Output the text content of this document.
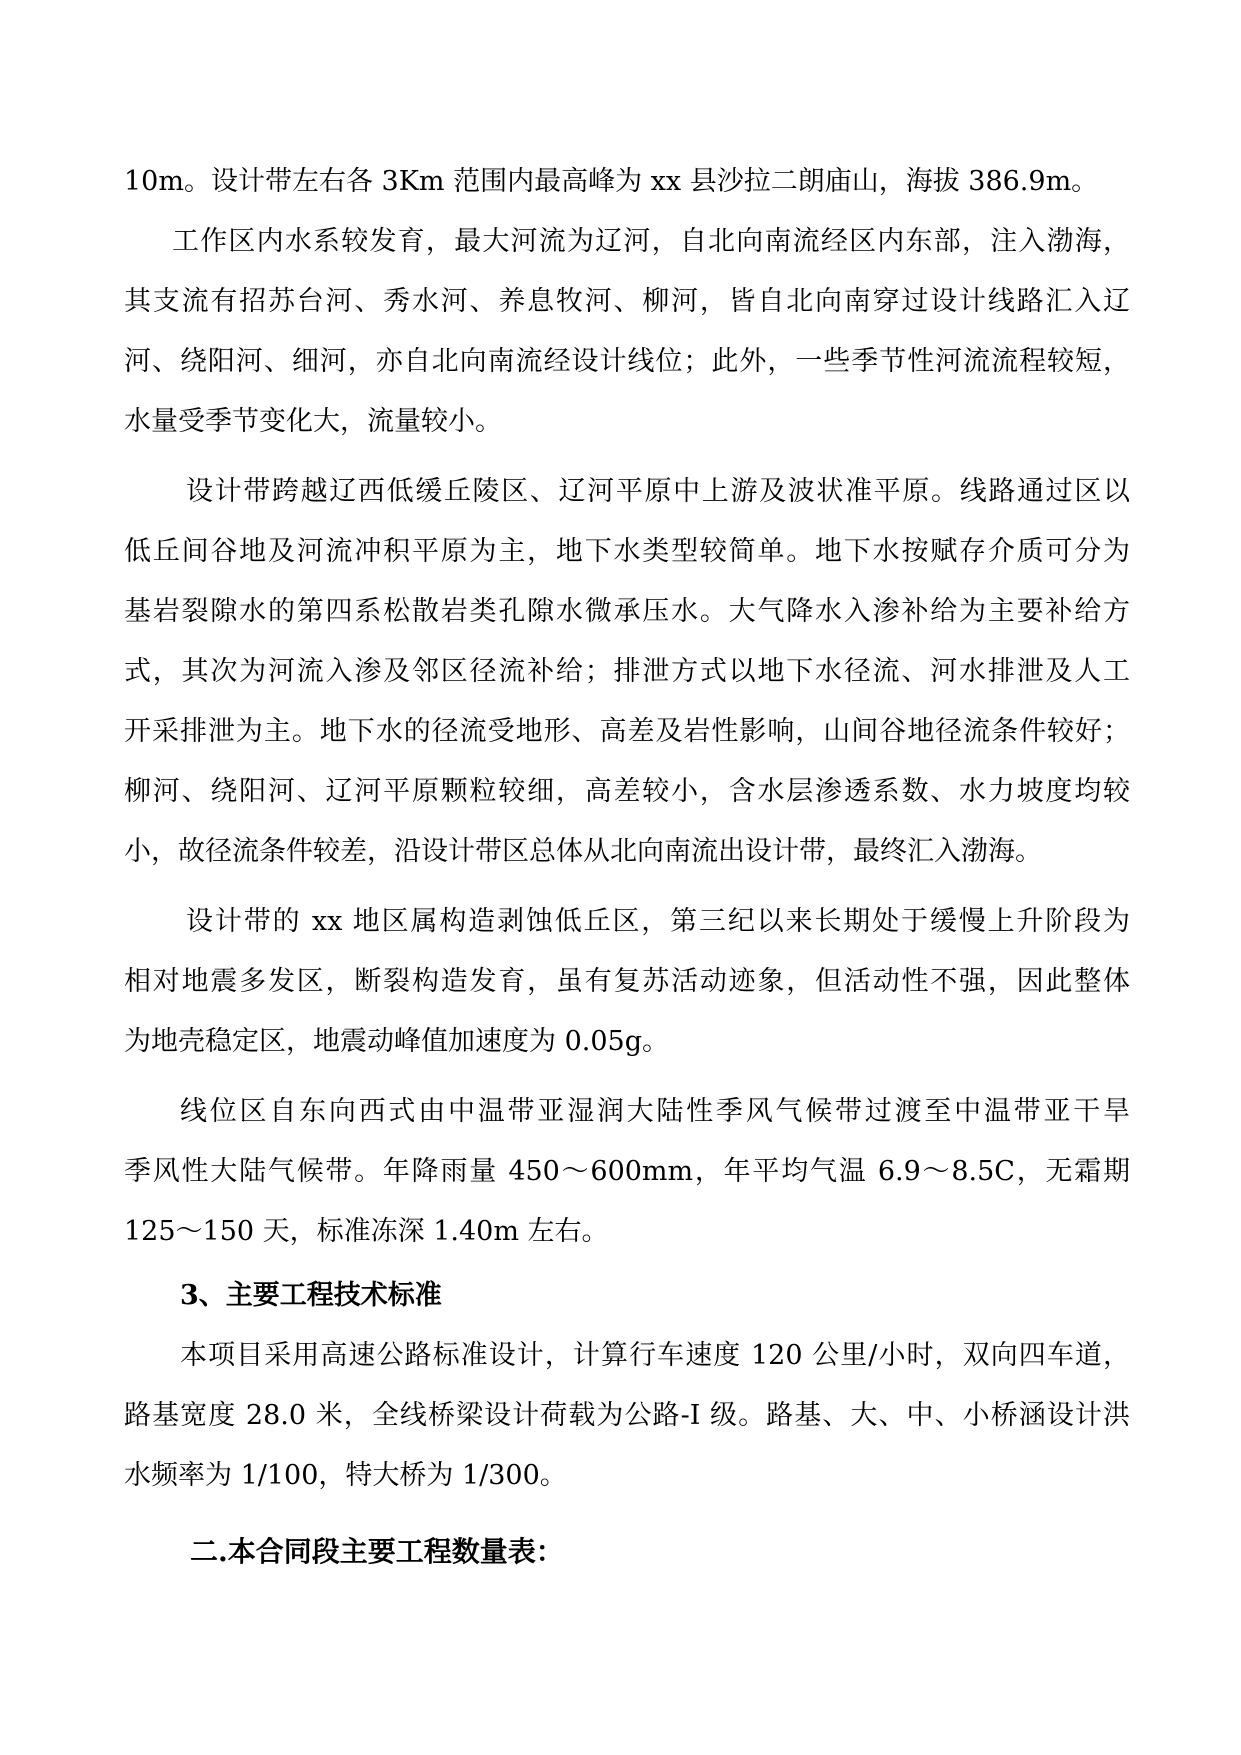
10m。设计带左右各 3Km 范围内最高峰为 xx 县沙拉二朗庙山，海拔 386.9m。
工作区内水系较发育，最大河流为辽河，自北向南流经区内东部，注入渤海，
其支流有招苏台河、秀水河、养息牧河、柳河，皆自北向南穿过设计线路汇入辽
河、绕阳河、细河，亦自北向南流经设计线位；此外，一些季节性河流流程较短，
水量受季节变化大，流量较小。
设计带跨越辽西低缓丘陵区、辽河平原中上游及波状准平原。线路通过区以
低丘间谷地及河流冲积平原为主，地下水类型较简单。地下水按赋存介质可分为
基岩裂隙水的第四系松散岩类孔隙水微承压水。大气降水入渗补给为主要补给方
式，其次为河流入渗及邻区径流补给；排泄方式以地下水径流、河水排泄及人工
开采排泄为主。地下水的径流受地形、高差及岩性影响，山间谷地径流条件较好；
柳河、绕阳河、辽河平原颗粒较细，高差较小，含水层渗透系数、水力坡度均较
小，故径流条件较差，沿设计带区总体从北向南流出设计带，最终汇入渤海。
设计带的 xx 地区属构造剥蚀低丘区，第三纪以来长期处于缓慢上升阶段为
相对地震多发区，断裂构造发育，虽有复苏活动迹象，但活动性不强，因此整体
为地壳稳定区，地震动峰值加速度为 0.05g。
线位区自东向西式由中温带亚湿润大陆性季风气候带过渡至中温带亚干旱
季风性大陆气候带。年降雨量 450～600mm，年平均气温 6.9～8.5C，无霜期
125～150 天，标准冻深 1.40m 左右。
3、主要工程技术标准
本项目采用高速公路标准设计，计算行车速度 120 公里/小时，双向四车道，
路基宽度 28.0 米，全线桥梁设计荷载为公路-I 级。路基、大、中、小桥涵设计洪
水频率为 1/100，特大桥为 1/300。
二.本合同段主要工程数量表：
